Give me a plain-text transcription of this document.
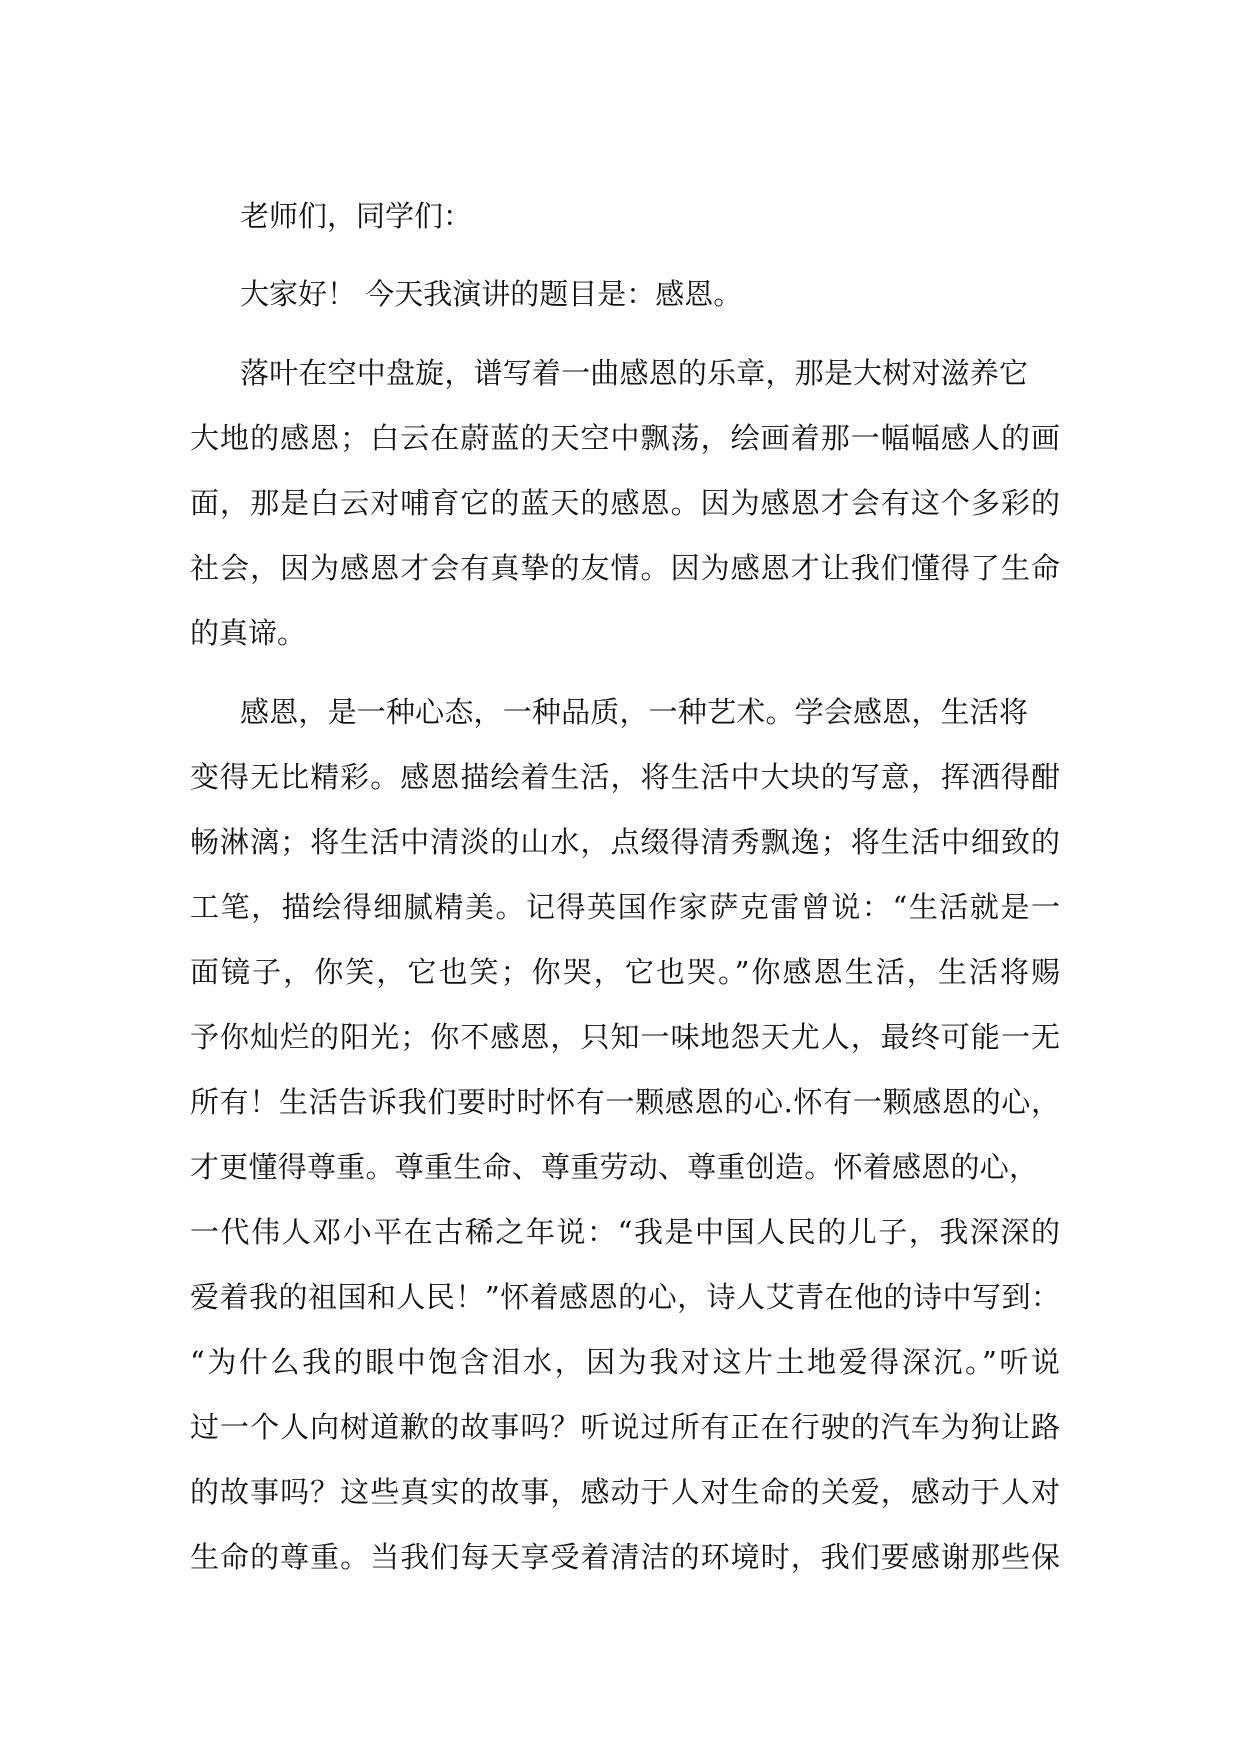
老师们，同学们：
大家好！ 今天我演讲的题目是：感恩。
落叶在空中盘旋，谱写着一曲感恩的乐章，那是大树对滋养它
大地的感恩；白云在蔚蓝的天空中飘荡，绘画着那一幅幅感人的画
面，那是白云对哺育它的蓝天的感恩。因为感恩才会有这个多彩的
社会，因为感恩才会有真挚的友情。因为感恩才让我们懂得了生命
的真谛。
感恩，是一种心态，一种品质，一种艺术。学会感恩，生活将
变得无比精彩。感恩描绘着生活，将生活中大块的写意，挥洒得酣
畅淋漓；将生活中清淡的山水，点缀得清秀飘逸；将生活中细致的
工笔，描绘得细腻精美。记得英国作家萨克雷曾说：“生活就是一
面镜子，你笑，它也笑；你哭，它也哭。”你感恩生活，生活将赐
予你灿烂的阳光；你不感恩，只知一味地怨天尤人，最终可能一无
所有！生活告诉我们要时时怀有一颗感恩的心.怀有一颗感恩的心，
才更懂得尊重。尊重生命、尊重劳动、尊重创造。怀着感恩的心，
一代伟人邓小平在古稀之年说：“我是中国人民的儿子，我深深的
爱着我的祖国和人民！”怀着感恩的心，诗人艾青在他的诗中写到：
“为什么我的眼中饱含泪水，因为我对这片土地爱得深沉。”听说
过一个人向树道歉的故事吗？听说过所有正在行驶的汽车为狗让路
的故事吗？这些真实的故事，感动于人对生命的关爱，感动于人对
生命的尊重。当我们每天享受着清洁的环境时，我们要感谢那些保
